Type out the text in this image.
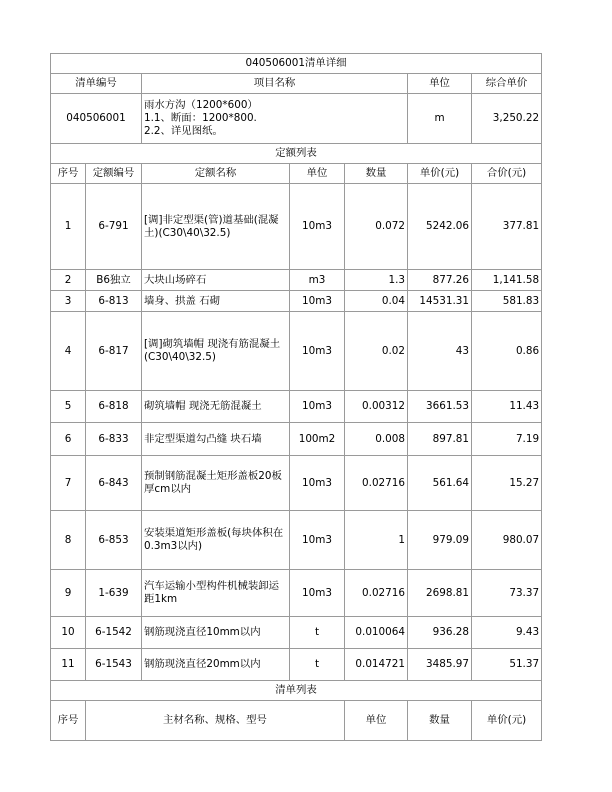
040506001清单详细							
清单编号		项目名称			单位	综合单价	
040506001		雨水方沟（1200*600）
1.1、断面：1200*800.
2.2、详见图纸。			m	3,250.22	
定额列表							
序号	定额编号	定额名称	单位	数量	单价(元)	合价(元)	
1	6-791	[调]非定型渠(管)道基础(混凝土)(C30\40\32.5)	10m3	0.072	5242.06	377.81	
2	B6独立	大块山场碎石	m3	1.3	877.26	1,141.58	
3	6-813	墙身、拱盖 石砌	10m3	0.04	14531.31	581.83	
4	6-817	[调]砌筑墙帽 现浇有筋混凝土(C30\40\32.5)	10m3	0.02	43	0.86	
5	6-818	砌筑墙帽 现浇无筋混凝土	10m3	0.00312	3661.53	11.43	
6	6-833	非定型渠道勾凸缝 块石墙	100m2	0.008	897.81	7.19	
7	6-843	预制钢筋混凝土矩形盖板20板厚cm以内	10m3	0.02716	561.64	15.27	
8	6-853	安装渠道矩形盖板(每块体积在0.3m3以内)	10m3	1	979.09	980.07	
9	1-639	汽车运输小型构件机械装卸运距1km	10m3	0.02716	2698.81	73.37	
10	6-1542	钢筋现浇直径10mm以内	t	0.010064	936.28	9.43	
11	6-1543	钢筋现浇直径20mm以内	t	0.014721	3485.97	51.37	
清单列表							
序号	主材名称、规格、型号			单位	数量	单价(元)	
